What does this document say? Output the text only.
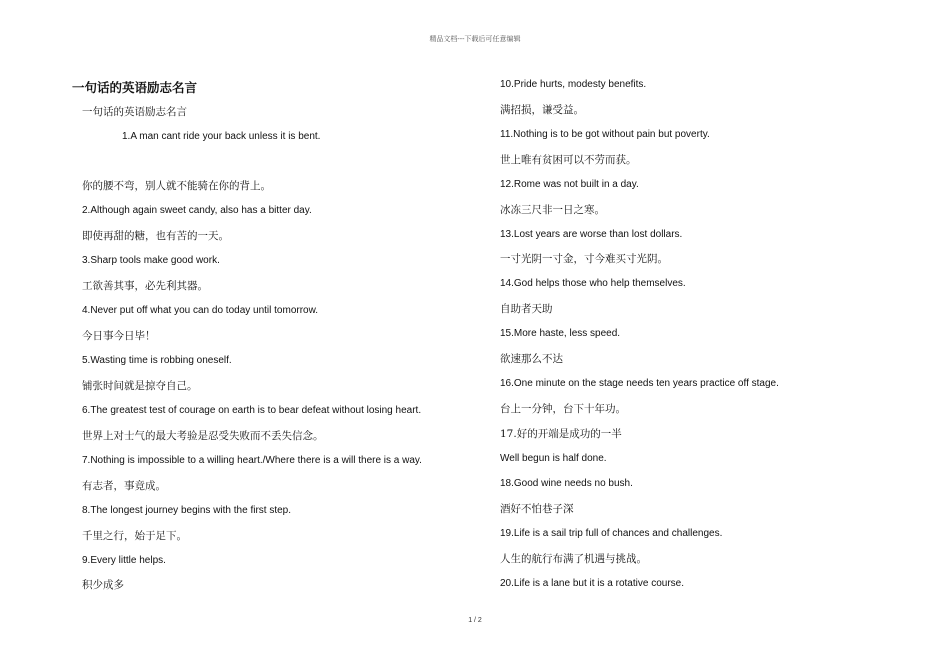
精品文档---下载后可任意编辑
一句话的英语励志名言
一句话的英语励志名言
1.A man cant ride your back unless it is bent.
你的腰不弯，别人就不能骑在你的背上。
2.Although again sweet candy, also has a bitter day.
即使再甜的糖，也有苦的一天。
3.Sharp tools make good work.
工欲善其事，必先利其器。
4.Never put off what you can do today until tomorrow.
今日事今日毕！
5.Wasting time is robbing oneself.
铺张时间就是掠夺自己。
6.The greatest test of courage on earth is to bear defeat without losing heart.
世界上对士气的最大考验是忍受失败而不丢失信念。
7.Nothing is impossible to a willing heart./Where there is a will there is a way.
有志者，事竟成。
8.The longest journey begins with the first step.
千里之行，始于足下。
9.Every little helps.
积少成多
10.Pride hurts, modesty benefits.
满招损，谦受益。
11.Nothing is to be got without pain but poverty.
世上唯有贫困可以不劳而获。
12.Rome was not built in a day.
冰冻三尺非一日之寒。
13.Lost years are worse than lost dollars.
一寸光阴一寸金，寸今难买寸光阴。
14.God helps those who help themselves.
自助者天助
15.More haste, less speed.
欲速那么不达
16.One minute on the stage needs ten years practice off stage.
台上一分钟，台下十年功。
17.好的开端是成功的一半
Well begun is half done.
18.Good wine needs no bush.
酒好不怕巷子深
19.Life is a sail trip full of chances and challenges.
人生的航行布满了机遇与挑战。
20.Life is a lane but it is a rotative course.
1 / 2
